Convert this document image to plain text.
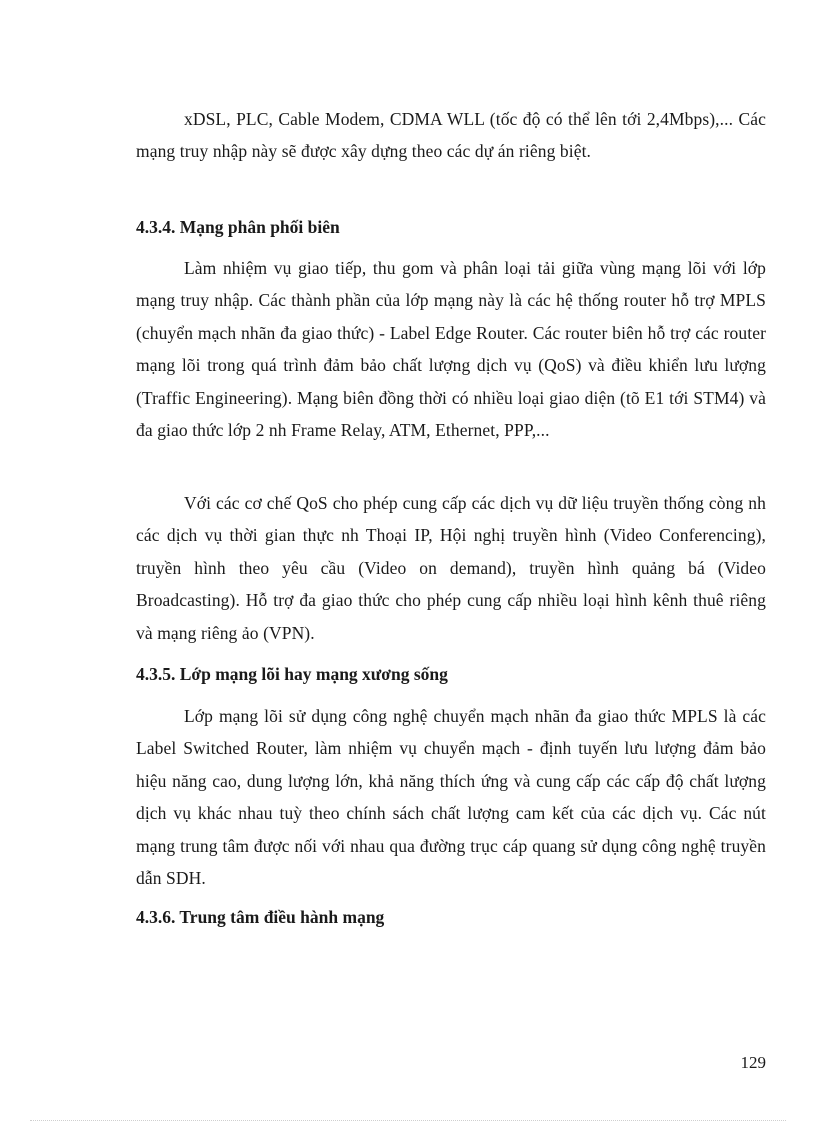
xDSL, PLC, Cable Modem, CDMA WLL (tốc độ có thể lên tới 2,4Mbps),... Các mạng truy nhập này sẽ được xây dựng theo các dự án riêng biệt.

4.3.4. Mạng phân phối biên

Làm nhiệm vụ giao tiếp, thu gom và phân loại tải giữa vùng mạng lõi với lớp mạng truy nhập. Các thành phần của lớp mạng này là các hệ thống router hỗ trợ MPLS (chuyển mạch nhãn đa giao thức) - Label Edge Router. Các router biên hỗ trợ các router mạng lõi trong quá trình đảm bảo chất lượng dịch vụ (QoS) và điều khiển lưu lượng (Traffic Engineering). Mạng biên đồng thời có nhiều loại giao diện (tõ E1 tới STM4) và đa giao thức lớp 2 nh Frame Relay, ATM, Ethernet, PPP,...

Với các cơ chế QoS cho phép cung cấp các dịch vụ dữ liệu truyền thống còng nh các dịch vụ thời gian thực nh Thoại IP, Hội nghị truyền hình (Video Conferencing), truyền hình theo yêu cầu (Video on demand), truyền hình quảng bá (Video Broadcasting). Hỗ trợ đa giao thức cho phép cung cấp nhiều loại hình kênh thuê riêng và mạng riêng ảo (VPN).

4.3.5. Lớp mạng lõi hay mạng xương sống

Lớp mạng lõi sử dụng công nghệ chuyển mạch nhãn đa giao thức MPLS là các Label Switched Router, làm nhiệm vụ chuyển mạch - định tuyến lưu lượng đảm bảo hiệu năng cao, dung lượng lớn, khả năng thích ứng và cung cấp các cấp độ chất lượng dịch vụ khác nhau tuỳ theo chính sách chất lượng cam kết của các dịch vụ. Các nút mạng trung tâm được nối với nhau qua đường trục cáp quang sử dụng công nghệ truyền dẫn SDH.

4.3.6. Trung tâm điều hành mạng
129
